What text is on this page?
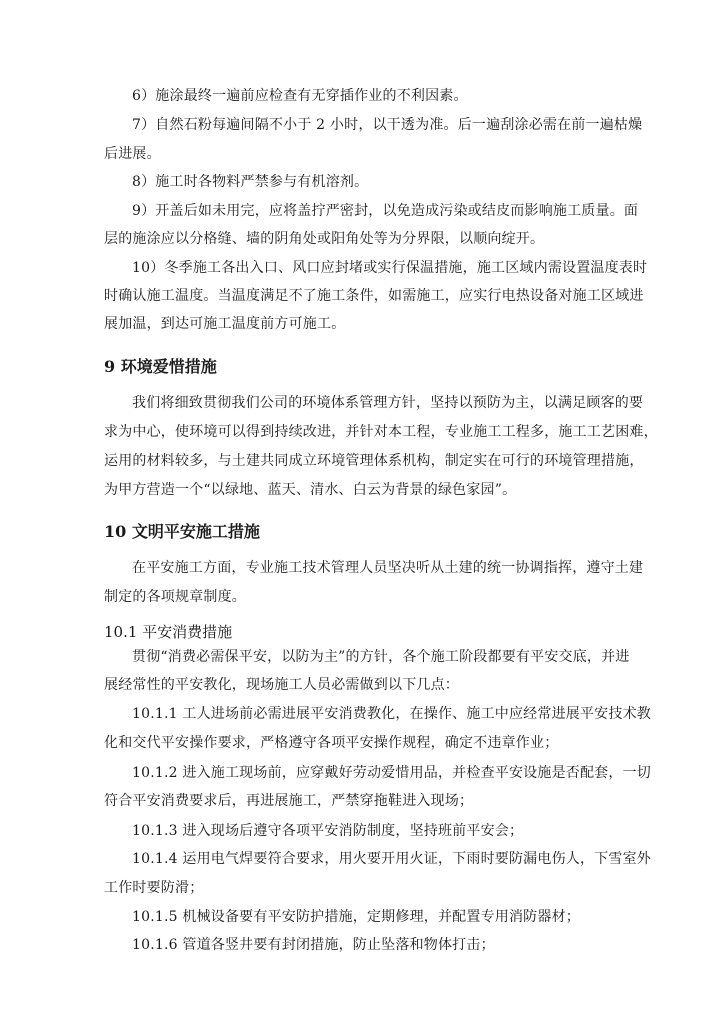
6）施涂最终一遍前应检查有无穿插作业的不利因素。
7）自然石粉每遍间隔不小于 2 小时，以干透为准。后一遍刮涂必需在前一遍枯燥
后进展。
8）施工时各物料严禁参与有机溶剂。
9）开盖后如未用完，应将盖拧严密封，以免造成污染或结皮而影响施工质量。面
层的施涂应以分格缝、墙的阴角处或阳角处等为分界限，以顺向绽开。
10）冬季施工各出入口、风口应封堵或实行保温措施，施工区域内需设置温度表时
时确认施工温度。当温度满足不了施工条件，如需施工，应实行电热设备对施工区域进
展加温，到达可施工温度前方可施工。
9 环境爱惜措施
我们将细致贯彻我们公司的环境体系管理方针，坚持以预防为主，以满足顾客的要
求为中心，使环境可以得到持续改进，并针对本工程，专业施工工程多，施工工艺困难，
运用的材料较多，与土建共同成立环境管理体系机构，制定实在可行的环境管理措施，
为甲方营造一个“以绿地、蓝天、清水、白云为背景的绿色家园”。
10 文明平安施工措施
在平安施工方面，专业施工技术管理人员坚决听从土建的统一协调指挥，遵守土建
制定的各项规章制度。
10.1 平安消费措施
贯彻“消费必需保平安，以防为主”的方针，各个施工阶段都要有平安交底，并进
展经常性的平安教化，现场施工人员必需做到以下几点：
10.1.1 工人进场前必需进展平安消费教化，在操作、施工中应经常进展平安技术教
化和交代平安操作要求，严格遵守各项平安操作规程，确定不违章作业；
10.1.2 进入施工现场前，应穿戴好劳动爱惜用品，并检查平安设施是否配套，一切
符合平安消费要求后，再进展施工，严禁穿拖鞋进入现场；
10.1.3 进入现场后遵守各项平安消防制度，坚持班前平安会；
10.1.4 运用电气焊要符合要求，用火要开用火证，下雨时要防漏电伤人，下雪室外
工作时要防滑；
10.1.5 机械设备要有平安防护措施，定期修理，并配置专用消防器材；
10.1.6 管道各竖井要有封闭措施，防止坠落和物体打击；
